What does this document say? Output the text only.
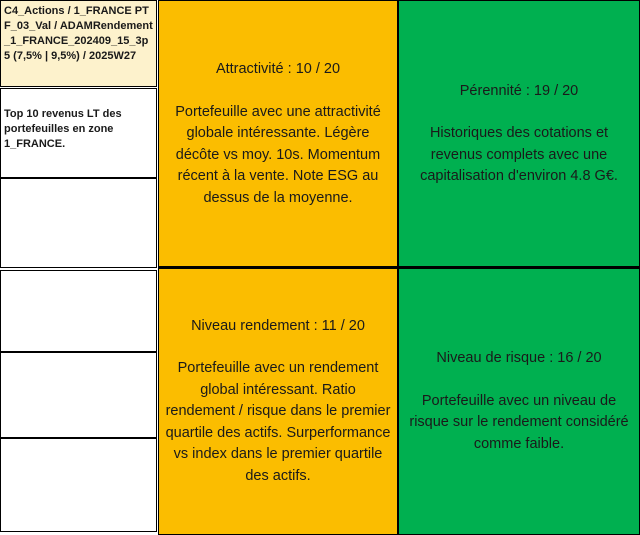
C4_Actions / 1_FRANCE PTF_03_Val / ADAMRendement_1_FRANCE_202409_15_3p5 (7,5% | 9,5%) / 2025W27
Top 10 revenus LT des portefeuilles en zone 1_FRANCE.
Attractivité : 10 / 20
Portefeuille avec une attractivité globale intéressante. Légère décôte vs moy. 10s. Momentum récent à la vente. Note ESG au dessus de la moyenne.
Pérennité : 19 / 20
Historiques des cotations et revenus complets avec une capitalisation d'environ 4.8 G€.
Niveau rendement : 11 / 20
Portefeuille avec un rendement global intéressant. Ratio rendement / risque dans le premier quartile des actifs. Surperformance vs index dans le premier quartile des actifs.
Niveau de risque : 16 / 20
Portefeuille avec un niveau de risque sur le rendement considéré comme faible.
